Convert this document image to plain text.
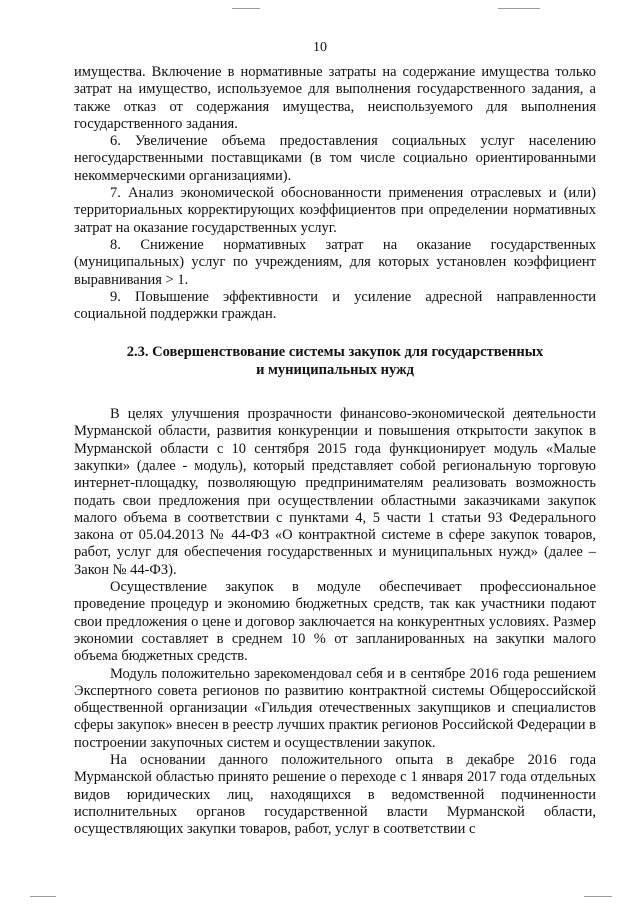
10

имущества. Включение в нормативные затраты на содержание имущества только затрат на имущество, используемое для выполнения государственного задания, а также отказ от содержания имущества, неиспользуемого для выполнения государственного задания.

6. Увеличение объема предоставления социальных услуг населению негосударственными поставщиками (в том числе социально ориентированными некоммерческими организациями).

7. Анализ экономической обоснованности применения отраслевых и (или) территориальных корректирующих коэффициентов при определении нормативных затрат на оказание государственных услуг.

8. Снижение нормативных затрат на оказание государственных (муниципальных) услуг по учреждениям, для которых установлен коэффициент выравнивания > 1.

9. Повышение эффективности и усиление адресной направленности социальной поддержки граждан.

2.3. Совершенствование системы закупок для государственных
и муниципальных нужд

В целях улучшения прозрачности финансово-экономической деятельности Мурманской области, развития конкуренции и повышения открытости закупок в Мурманской области с 10 сентября 2015 года функционирует модуль «Малые закупки» (далее - модуль), который представляет собой региональную торговую интернет-площадку, позволяющую предпринимателям реализовать возможность подать свои предложения при осуществлении областными заказчиками закупок малого объема в соответствии с пунктами 4, 5 части 1 статьи 93 Федерального закона от 05.04.2013 № 44-ФЗ «О контрактной системе в сфере закупок товаров, работ, услуг для обеспечения государственных и муниципальных нужд» (далее – Закон № 44-ФЗ).

Осуществление закупок в модуле обеспечивает профессиональное проведение процедур и экономию бюджетных средств, так как участники подают свои предложения о цене и договор заключается на конкурентных условиях. Размер экономии составляет в среднем 10 % от запланированных на закупки малого объема бюджетных средств.

Модуль положительно зарекомендовал себя и в сентябре 2016 года решением Экспертного совета регионов по развитию контрактной системы Общероссийской общественной организации «Гильдия отечественных закупщиков и специалистов сферы закупок» внесен в реестр лучших практик регионов Российской Федерации в построении закупочных систем и осуществлении закупок.

На основании данного положительного опыта в декабре 2016 года Мурманской областью принято решение о переходе с 1 января 2017 года отдельных видов юридических лиц, находящихся в ведомственной подчиненности исполнительных органов государственной власти Мурманской области, осуществляющих закупки товаров, работ, услуг в соответствии с
